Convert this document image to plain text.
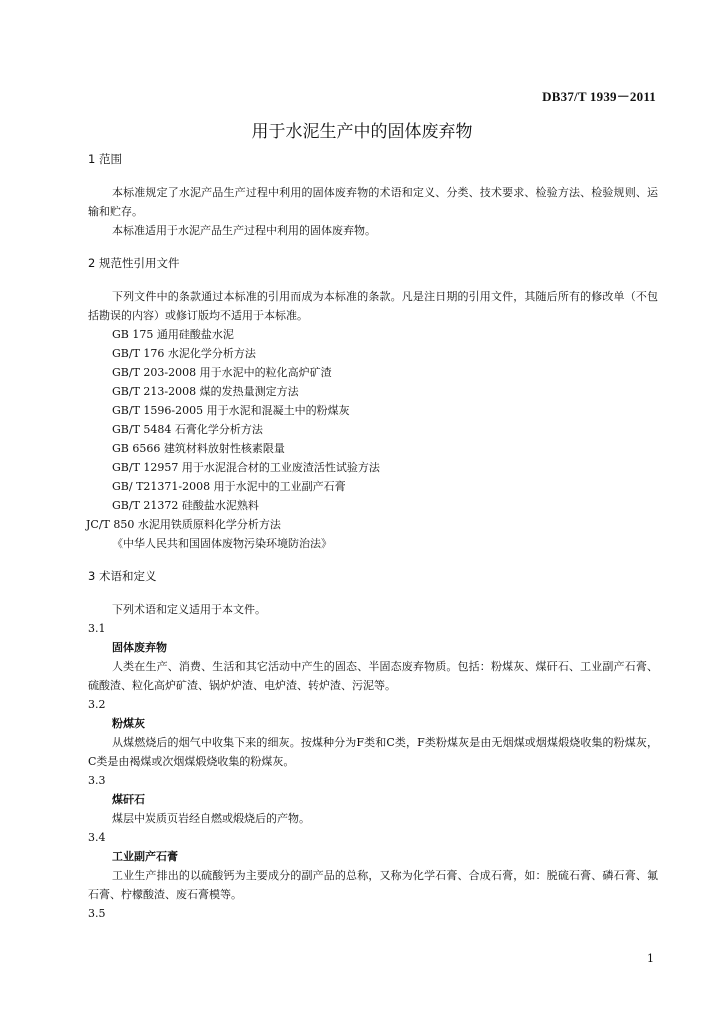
DB37/T 1939－2011
用于水泥生产中的固体废弃物
1 范围
本标准规定了水泥产品生产过程中利用的固体废弃物的术语和定义、分类、技术要求、检验方法、检验规则、运输和贮存。
本标准适用于水泥产品生产过程中利用的固体废弃物。
2 规范性引用文件
下列文件中的条款通过本标准的引用而成为本标准的条款。凡是注日期的引用文件，其随后所有的修改单（不包括勘误的内容）或修订版均不适用于本标准。
GB 175 通用硅酸盐水泥
GB/T 176 水泥化学分析方法
GB/T 203-2008 用于水泥中的粒化高炉矿渣
GB/T 213-2008 煤的发热量测定方法
GB/T 1596-2005 用于水泥和混凝土中的粉煤灰
GB/T 5484 石膏化学分析方法
GB 6566 建筑材料放射性核素限量
GB/T 12957 用于水泥混合材的工业废渣活性试验方法
GB/ T21371-2008 用于水泥中的工业副产石膏
GB/T 21372 硅酸盐水泥熟料
JC/T 850 水泥用铁质原料化学分析方法
《中华人民共和国固体废物污染环境防治法》
3 术语和定义
下列术语和定义适用于本文件。
3.1
固体废弃物
人类在生产、消费、生活和其它活动中产生的固态、半固态废弃物质。包括：粉煤灰、煤矸石、工业副产石膏、硫酸渣、粒化高炉矿渣、锅炉炉渣、电炉渣、转炉渣、污泥等。
3.2
粉煤灰
从煤燃烧后的烟气中收集下来的细灰。按煤种分为F类和C类，F类粉煤灰是由无烟煤或烟煤煅烧收集的粉煤灰，C类是由褐煤或次烟煤煅烧收集的粉煤灰。
3.3
煤矸石
煤层中炭质页岩经自燃或煅烧后的产物。
3.4
工业副产石膏
工业生产排出的以硫酸钙为主要成分的副产品的总称，又称为化学石膏、合成石膏，如：脱硫石膏、磷石膏、氟石膏、柠檬酸渣、废石膏模等。
3.5
1
